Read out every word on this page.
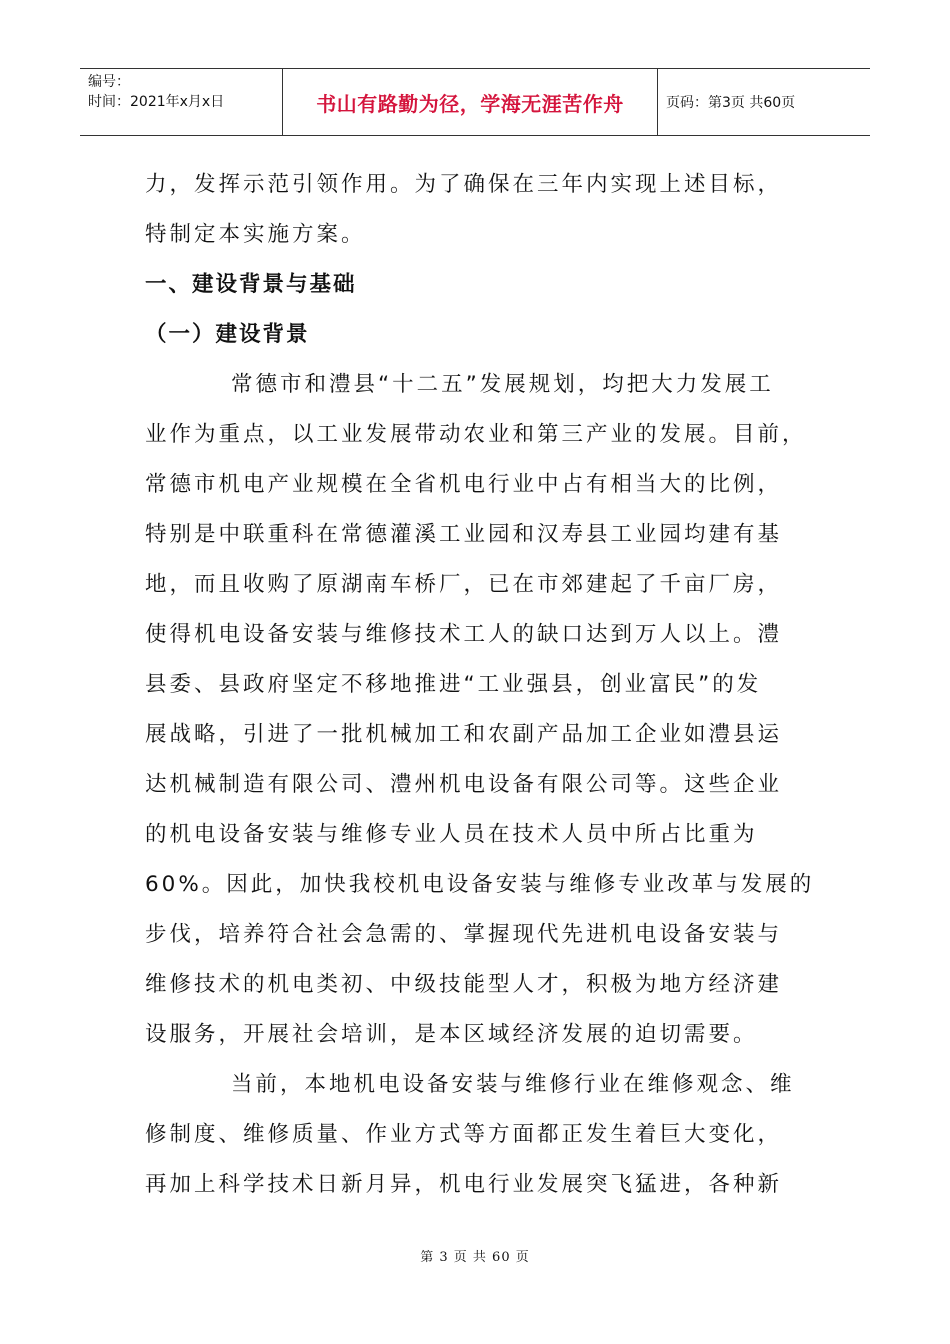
编号：
时间：2021年x月x日	书山有路勤为径，学海无涯苦作舟	页码：第3页 共60页
力，发挥示范引领作用。为了确保在三年内实现上述目标，
特制定本实施方案。
一、建设背景与基础
（一）建设背景
常德市和澧县“十二五”发展规划，均把大力发展工
业作为重点，以工业发展带动农业和第三产业的发展。目前，
常德市机电产业规模在全省机电行业中占有相当大的比例，
特别是中联重科在常德灌溪工业园和汉寿县工业园均建有基
地，而且收购了原湖南车桥厂，已在市郊建起了千亩厂房，
使得机电设备安装与维修技术工人的缺口达到万人以上。澧
县委、县政府坚定不移地推进“工业强县，创业富民”的发
展战略，引进了一批机械加工和农副产品加工企业如澧县运
达机械制造有限公司、澧州机电设备有限公司等。这些企业
的机电设备安装与维修专业人员在技术人员中所占比重为
60%。因此，加快我校机电设备安装与维修专业改革与发展的
步伐，培养符合社会急需的、掌握现代先进机电设备安装与
维修技术的机电类初、中级技能型人才，积极为地方经济建
设服务，开展社会培训，是本区域经济发展的迫切需要。
当前，本地机电设备安装与维修行业在维修观念、维
修制度、维修质量、作业方式等方面都正发生着巨大变化，
再加上科学技术日新月异，机电行业发展突飞猛进，各种新
第 3 页 共 60 页
